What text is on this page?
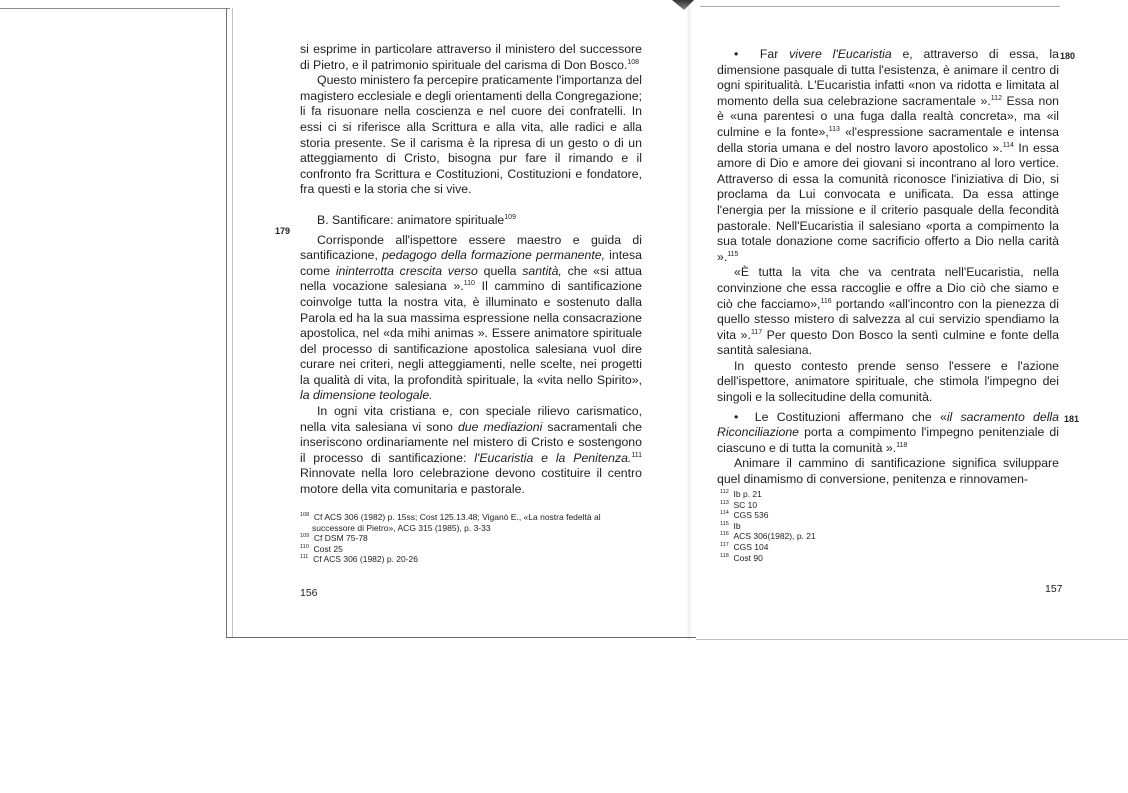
si esprime in particolare attraverso il ministero del successore di Pietro, e il patrimonio spirituale del carisma di Don Bosco.$^{108}$

Questo ministero fa percepire praticamente l'importanza del magistero ecclesiale e degli orientamenti della Congregazione; li fa risuonare nella coscienza e nel cuore dei confratelli. In essi ci si riferisce alla Scrittura e alla vita, alle radici e alla storia presente. Se il carisma è la ripresa di un gesto o di un atteggiamento di Cristo, bisogna pur fare il rimando e il confronto fra Scrittura e Costituzioni, Costituzioni e fondatore, fra questi e la storia che si vive.

B. Santificare: animatore spirituale$^{109}$

Corrisponde all'ispettore essere maestro e guida di santificazione, pedagogo della formazione permanente, intesa come ininterrotta crescita verso quella santità, che «si attua nella vocazione salesiana ».$^{110}$ Il cammino di santificazione coinvolge tutta la nostra vita, è illuminato e sostenuto dalla Parola ed ha la sua massima espressione nella consacrazione apostolica, nel «da mihi animas ». Essere animatore spirituale del processo di santificazione apostolica salesiana vuol dire curare nei criteri, negli atteggiamenti, nelle scelte, nei progetti la qualità di vita, la profondità spirituale, la «vita nello Spirito», la dimensione teologale.

In ogni vita cristiana e, con speciale rilievo carismatico, nella vita salesiana vi sono due mediazioni sacramentali che inseriscono ordinariamente nel mistero di Cristo e sostengono il processo di santificazione: l'Eucaristia e la Penitenza.$^{111}$ Rinnovate nella loro celebrazione devono costituire il centro motore della vita comunitaria e pastorale.

179

$^{108}$ Cf ACS 306 (1982) p. 15ss; Cost 125.13.48; Viganò E., «La nostra fedeltà al successore di Pietro», ACG 315 (1985), p. 3-33

$^{109}$ Cf DSM 75-78

$^{110}$ Cost 25

$^{111}$ Cf ACS 306 (1982) p. 20-26

156

•  Far vivere l'Eucaristia e, attraverso di essa, la dimensione pasquale di tutta l'esistenza, è animare il centro di ogni spiritualità. L'Eucaristia infatti «non va ridotta e limitata al momento della sua celebrazione sacramentale ».$^{112}$ Essa non è «una parentesi o una fuga dalla realtà concreta», ma «il culmine e la fonte»,$^{113}$ «l'espressione sacramentale e intensa della storia umana e del nostro lavoro apostolico ».$^{114}$ In essa amore di Dio e amore dei giovani si incontrano al loro vertice. Attraverso di essa la comunità riconosce l'iniziativa di Dio, si proclama da Lui convocata e unificata. Da essa attinge l'energia per la missione e il criterio pasquale della fecondità pastorale. Nell'Eucaristia il salesiano «porta a compimento la sua totale donazione come sacrificio offerto a Dio nella carità ».$^{115}$

«È tutta la vita che va centrata nell'Eucaristia, nella convinzione che essa raccoglie e offre a Dio ciò che siamo e ciò che facciamo»,$^{116}$ portando «all'incontro con la pienezza di quello stesso mistero di salvezza al cui servizio spendiamo la vita ».$^{117}$ Per questo Don Bosco la sentì culmine e fonte della santità salesiana.

In questo contesto prende senso l'essere e l'azione dell'ispettore, animatore spirituale, che stimola l'impegno dei singoli e la sollecitudine della comunità.

•  Le Costituzioni affermano che «il sacramento della Riconciliazione porta a compimento l'impegno penitenziale di ciascuno e di tutta la comunità ».$^{118}$

Animare il cammino di santificazione significa sviluppare quel dinamismo di conversione, penitenza e rinnovamen-

180
181

$^{112}$ Ib p. 21

$^{113}$ SC 10

$^{114}$ CGS 536

$^{115}$ Ib

$^{116}$ ACS 306(1982), p. 21

$^{117}$ CGS 104

$^{118}$ Cost 90

157
